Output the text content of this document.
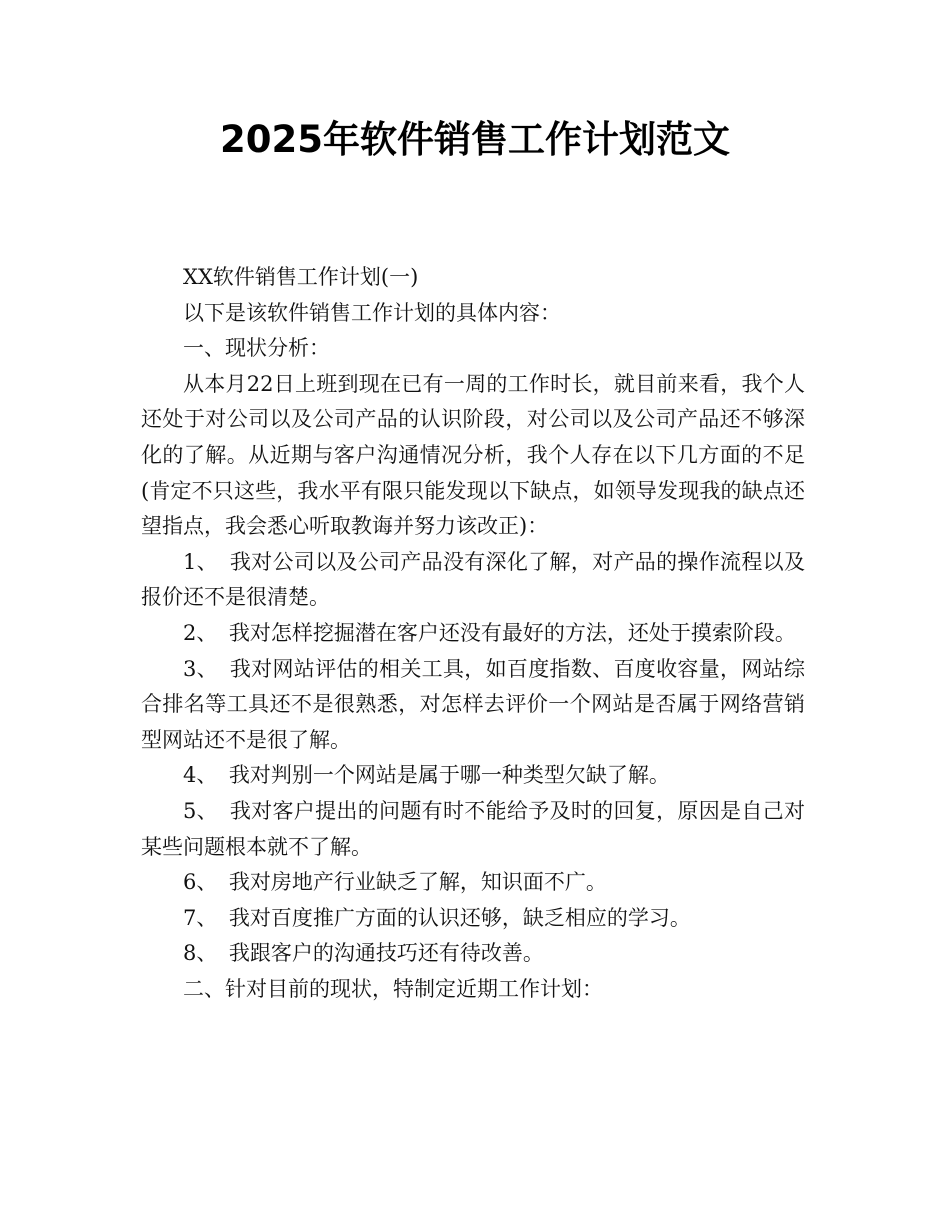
2025年软件销售工作计划范文

XX软件销售工作计划(一)

以下是该软件销售工作计划的具体内容：

一、现状分析：

从本月22日上班到现在已有一周的工作时长，就目前来看，我个人还处于对公司以及公司产品的认识阶段，对公司以及公司产品还不够深化的了解。从近期与客户沟通情况分析，我个人存在以下几方面的不足(肯定不只这些，我水平有限只能发现以下缺点，如领导发现我的缺点还望指点，我会悉心听取教诲并努力该改正)：

1、 我对公司以及公司产品没有深化了解，对产品的操作流程以及报价还不是很清楚。

2、 我对怎样挖掘潜在客户还没有最好的方法，还处于摸索阶段。

3、 我对网站评估的相关工具，如百度指数、百度收容量，网站综合排名等工具还不是很熟悉，对怎样去评价一个网站是否属于网络营销型网站还不是很了解。

4、 我对判别一个网站是属于哪一种类型欠缺了解。

5、 我对客户提出的问题有时不能给予及时的回复，原因是自己对某些问题根本就不了解。

6、 我对房地产行业缺乏了解，知识面不广。

7、 我对百度推广方面的认识还够，缺乏相应的学习。

8、 我跟客户的沟通技巧还有待改善。

二、针对目前的现状，特制定近期工作计划：
